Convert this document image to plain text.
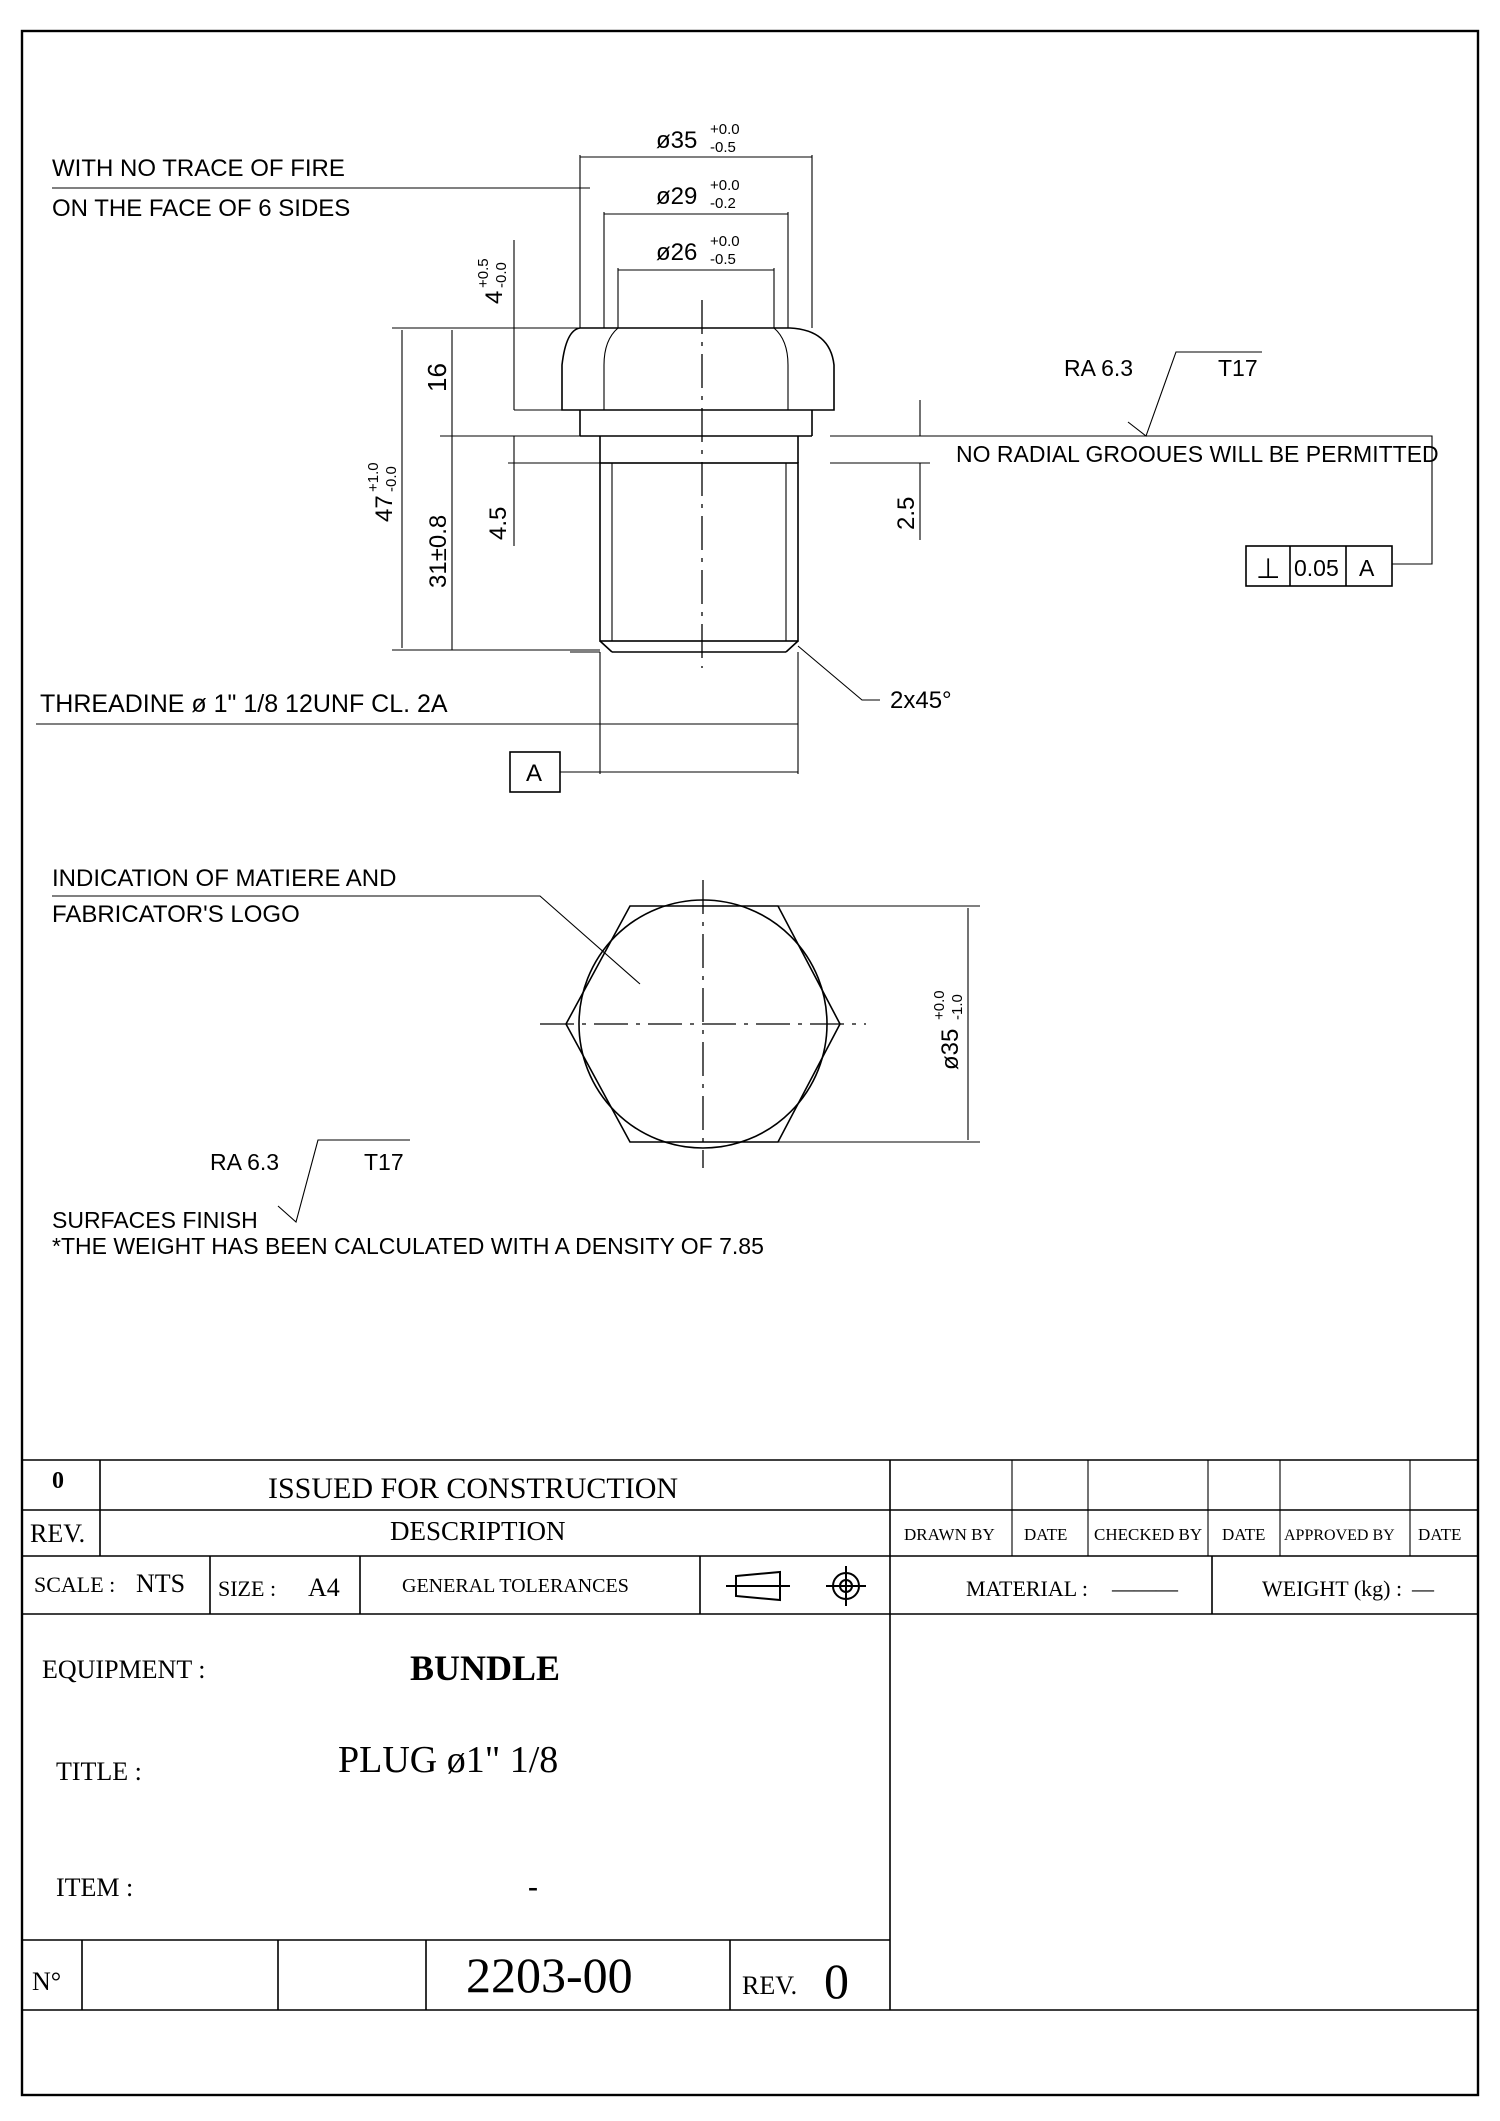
WITH NO TRACE OF FIRE
ON THE FACE OF 6 SIDES
NO RADIAL GROOUES WILL BE PERMITTED
RA 6.3	T17
⊥ 0.05 A
THREADINE ø 1" 1/8 12UNF CL. 2A	2x45°
A
INDICATION OF MATIERE AND
FABRICATOR'S LOGO
RA 6.3	T17
SURFACES FINISH
*THE WEIGHT HAS BEEN CALCULATED WITH A DENSITY OF 7.85
ø35 +0.0
-0.5
ø29 +0.0
-0.2
ø26 +0.0
-0.5
4
+0.5 -0.0
16
47
+1.0 -0.0
31±0.8 4.5	2.5
ø35
+0.0 -1.0
0	ISSUED FOR CONSTRUCTION
REV.	DESCRIPTION	DRAWN BY DATE CHECKED BY DATE APPROVED BY DATE
SCALE : NTS SIZE : A4	GENERAL TOLERANCES	MATERIAL : ———	WEIGHT (kg) : —
EQUIPMENT :	BUNDLE
TITLE :	PLUG ø1" 1/8
ITEM :	-
N°	2203-00	REV. 0
